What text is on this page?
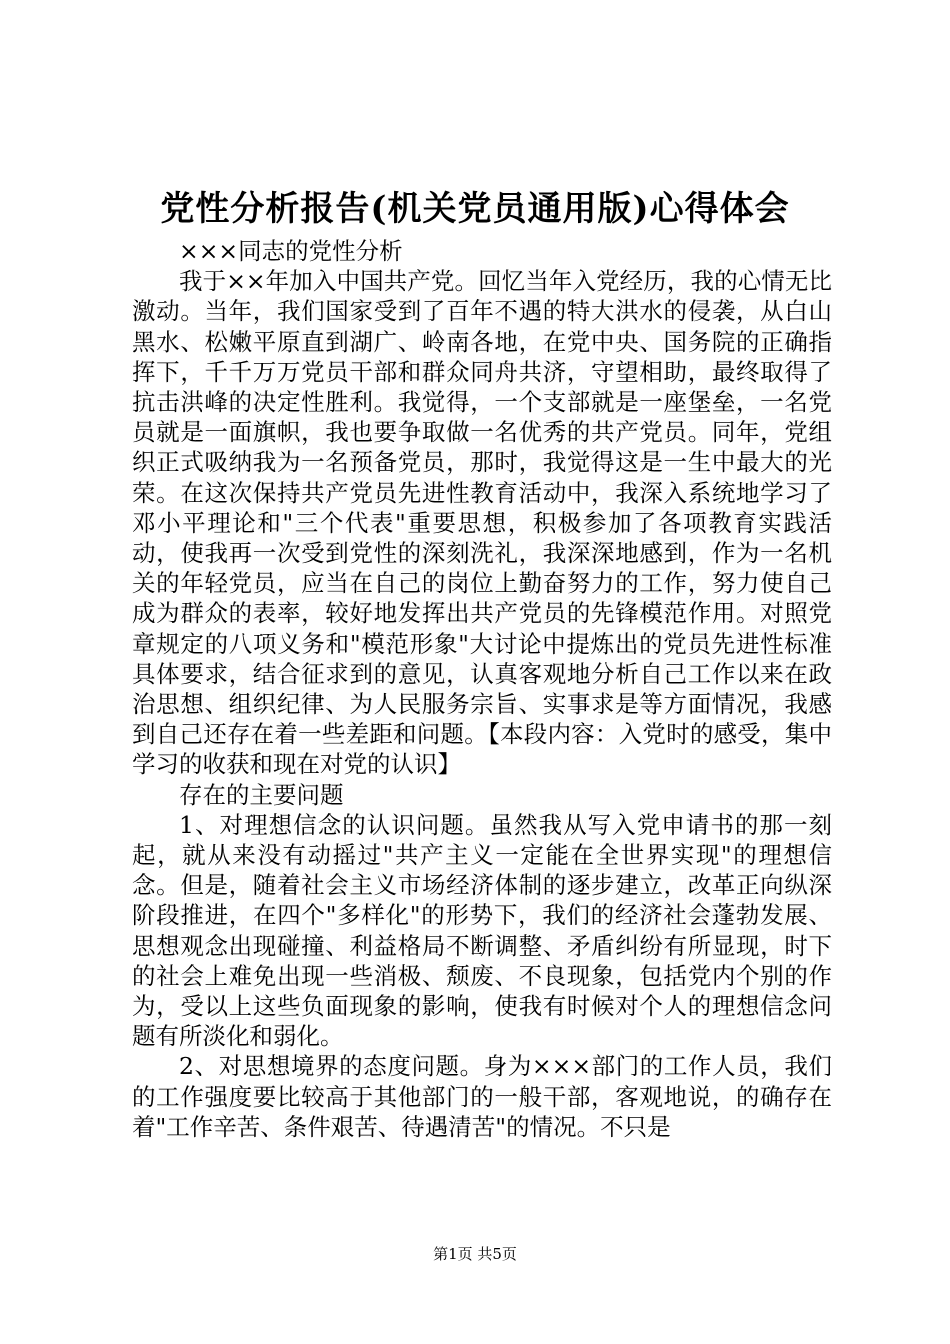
党性分析报告(机关党员通用版)心得体会

×××同志的党性分析

我于××年加入中国共产党。回忆当年入党经历，我的心情无比激动。当年，我们国家受到了百年不遇的特大洪水的侵袭，从白山黑水、松嫩平原直到湖广、岭南各地，在党中央、国务院的正确指挥下，千千万万党员干部和群众同舟共济，守望相助，最终取得了抗击洪峰的决定性胜利。我觉得，一个支部就是一座堡垒，一名党员就是一面旗帜，我也要争取做一名优秀的共产党员。同年，党组织正式吸纳我为一名预备党员，那时，我觉得这是一生中最大的光荣。在这次保持共产党员先进性教育活动中，我深入系统地学习了邓小平理论和"三个代表"重要思想，积极参加了各项教育实践活动，使我再一次受到党性的深刻洗礼，我深深地感到，作为一名机关的年轻党员，应当在自己的岗位上勤奋努力的工作，努力使自己成为群众的表率，较好地发挥出共产党员的先锋模范作用。对照党章规定的八项义务和"模范形象"大讨论中提炼出的党员先进性标准具体要求，结合征求到的意见，认真客观地分析自己工作以来在政治思想、组织纪律、为人民服务宗旨、实事求是等方面情况，我感到自己还存在着一些差距和问题。【本段内容：入党时的感受，集中学习的收获和现在对党的认识】

存在的主要问题

1、对理想信念的认识问题。虽然我从写入党申请书的那一刻起，就从来没有动摇过"共产主义一定能在全世界实现"的理想信念。但是，随着社会主义市场经济体制的逐步建立，改革正向纵深阶段推进，在四个"多样化"的形势下，我们的经济社会蓬勃发展、思想观念出现碰撞、利益格局不断调整、矛盾纠纷有所显现，时下的社会上难免出现一些消极、颓废、不良现象，包括党内个别的作为，受以上这些负面现象的影响，使我有时候对个人的理想信念问题有所淡化和弱化。

2、对思想境界的态度问题。身为×××部门的工作人员，我们的工作强度要比较高于其他部门的一般干部，客观地说，的确存在着"工作辛苦、条件艰苦、待遇清苦"的情况。不只是

第1页 共5页
